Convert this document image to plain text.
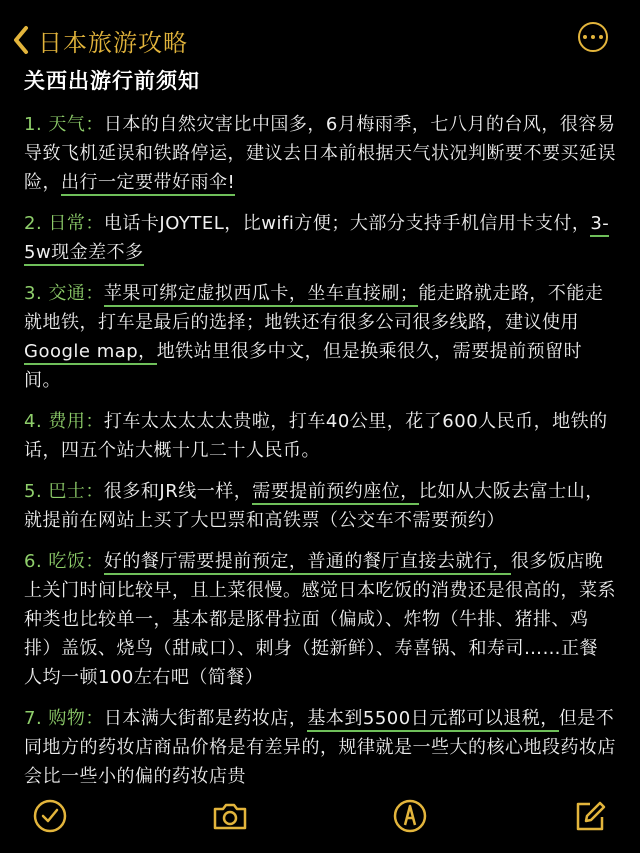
日本旅游攻略
关西出游行前须知

1. 天气：日本的自然灾害比中国多，6月梅雨季，七八月的台风，很容易导致飞机延误和铁路停运，建议去日本前根据天气状况判断要不要买延误险，出行一定要带好雨伞!

2. 日常：电话卡JOYTEL，比wifi方便；大部分支持手机信用卡支付，3-5w现金差不多

3. 交通：苹果可绑定虚拟西瓜卡，坐车直接刷；能走路就走路，不能走就地铁，打车是最后的选择；地铁还有很多公司很多线路，建议使用Google map，地铁站里很多中文，但是换乘很久，需要提前预留时间。

4. 费用：打车太太太太太贵啦，打车40公里，花了600人民币，地铁的话，四五个站大概十几二十人民币。

5. 巴士：很多和JR线一样，需要提前预约座位，比如从大阪去富士山，就提前在网站上买了大巴票和高铁票（公交车不需要预约）

6. 吃饭：好的餐厅需要提前预定，普通的餐厅直接去就行，很多饭店晚上关门时间比较早，且上菜很慢。感觉日本吃饭的消费还是很高的，菜系种类也比较单一，基本都是豚骨拉面（偏咸）、炸物（牛排、猪排、鸡排）盖饭、烧鸟（甜咸口）、刺身（挺新鲜）、寿喜锅、和寿司……正餐人均一顿100左右吧（简餐）

7. 购物：日本满大街都是药妆店，基本到5500日元都可以退税，但是不同地方的药妆店商品价格是有差异的，规律就是一些大的核心地段药妆店会比一些小的偏的药妆店贵
